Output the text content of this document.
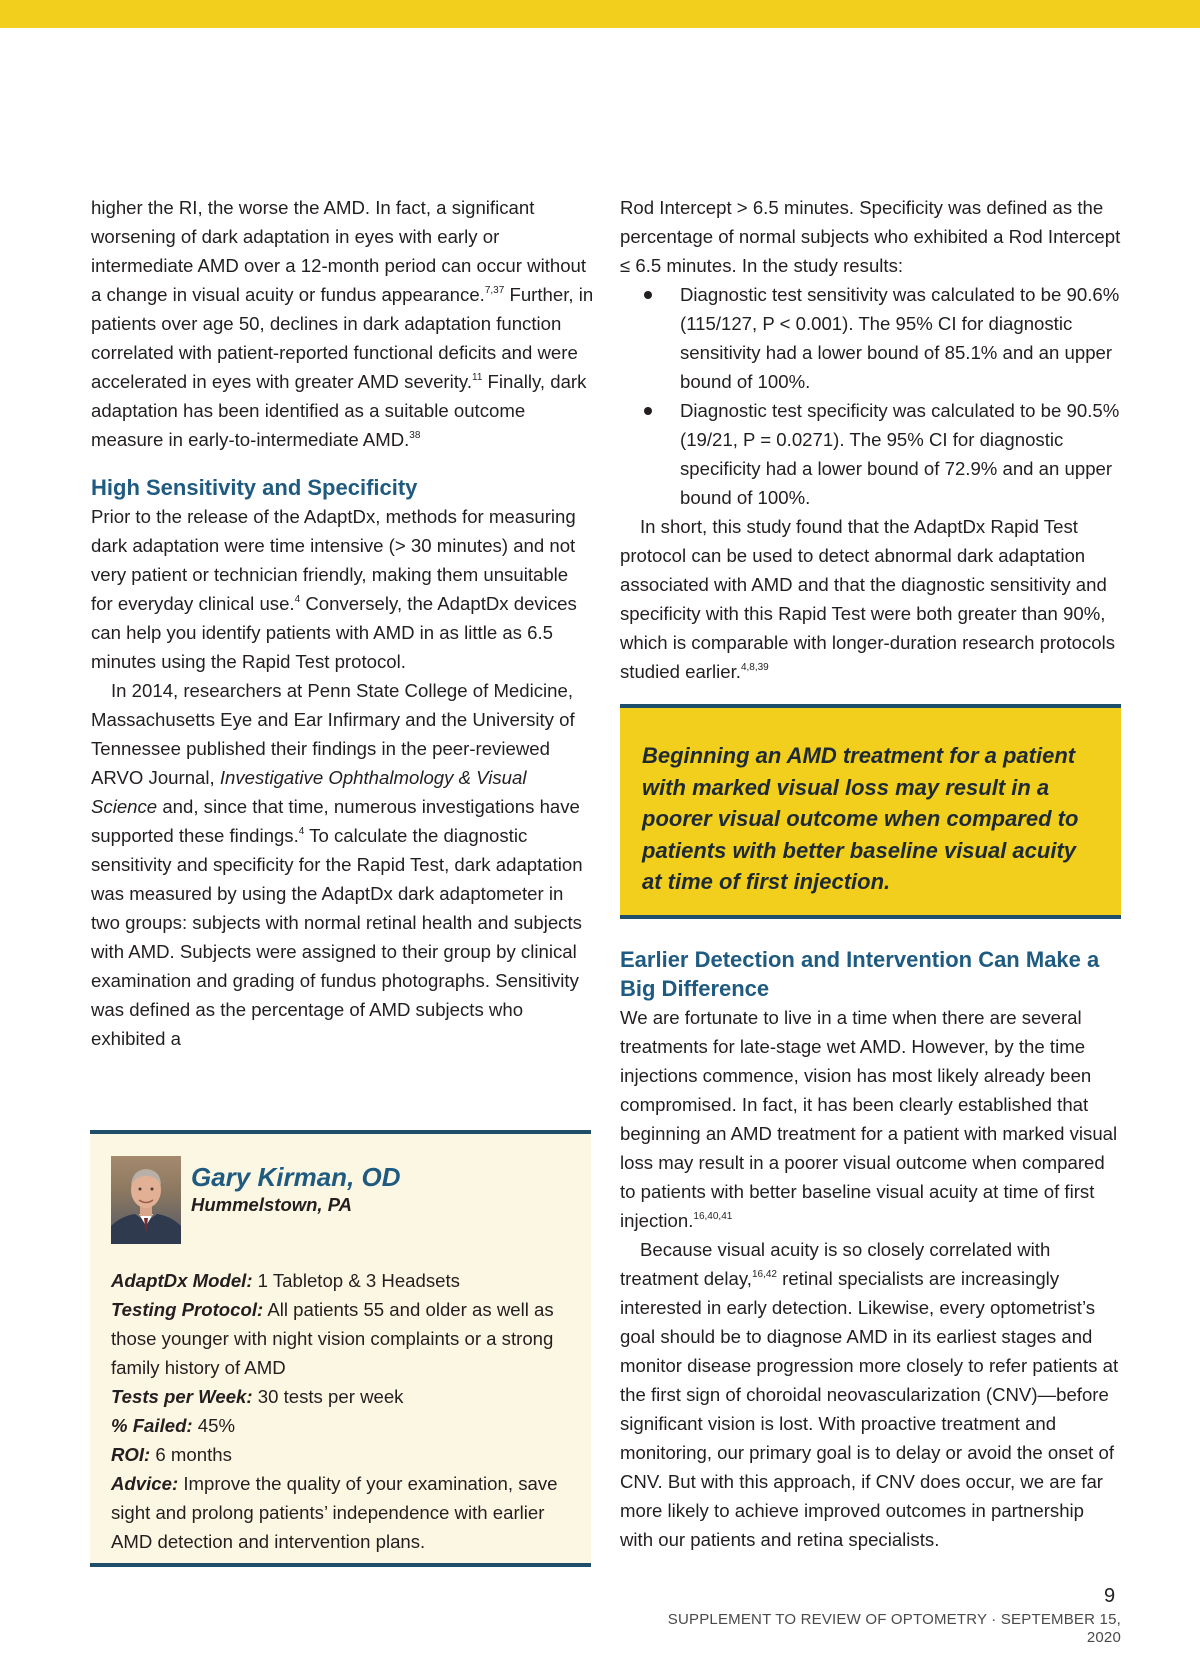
higher the RI, the worse the AMD. In fact, a significant worsening of dark adaptation in eyes with early or intermediate AMD over a 12-month period can occur without a change in visual acuity or fundus appearance.$^{7,37}$ Further, in patients over age 50, declines in dark adaptation function correlated with patient-reported functional deficits and were accelerated in eyes with greater AMD severity.$^{11}$ Finally, dark adaptation has been identified as a suitable outcome measure in early-to-intermediate AMD.$^{38}$

High Sensitivity and Specificity

Prior to the release of the AdaptDx, methods for measuring dark adaptation were time intensive (> 30 minutes) and not very patient or technician friendly, making them unsuitable for everyday clinical use.$^4$ Conversely, the AdaptDx devices can help you identify patients with AMD in as little as 6.5 minutes using the Rapid Test protocol.

In 2014, researchers at Penn State College of Medicine, Massachusetts Eye and Ear Infirmary and the University of Tennessee published their findings in the peer-reviewed ARVO Journal, Investigative Ophthalmology & Visual Science and, since that time, numerous investigations have supported these findings.$^4$ To calculate the diagnostic sensitivity and specificity for the Rapid Test, dark adaptation was measured by using the AdaptDx dark adaptometer in two groups: subjects with normal retinal health and subjects with AMD. Subjects were assigned to their group by clinical examination and grading of fundus photographs. Sensitivity was defined as the percentage of AMD subjects who exhibited a

Rod Intercept > 6.5 minutes. Specificity was defined as the percentage of normal subjects who exhibited a Rod Intercept ≤ 6.5 minutes. In the study results:

Diagnostic test sensitivity was calculated to be 90.6% (115/127, P < 0.001). The 95% CI for diagnostic sensitivity had a lower bound of 85.1% and an upper bound of 100%.
Diagnostic test specificity was calculated to be 90.5% (19/21, P = 0.0271). The 95% CI for diagnostic specificity had a lower bound of 72.9% and an upper bound of 100%.

In short, this study found that the AdaptDx Rapid Test protocol can be used to detect abnormal dark adaptation associated with AMD and that the diagnostic sensitivity and specificity with this Rapid Test were both greater than 90%, which is comparable with longer-duration research protocols studied earlier.$^{4,8,39}$

Beginning an AMD treatment for a patient with marked visual loss may result in a poorer visual outcome when compared to patients with better baseline visual acuity at time of first injection.

Earlier Detection and Intervention Can Make a Big Difference

We are fortunate to live in a time when there are several treatments for late-stage wet AMD. However, by the time injections commence, vision has most likely already been compromised. In fact, it has been clearly established that beginning an AMD treatment for a patient with marked visual loss may result in a poorer visual outcome when compared to patients with better baseline visual acuity at time of first injection.$^{16,40,41}$

Because visual acuity is so closely correlated with treatment delay,$^{16,42}$ retinal specialists are increasingly interested in early detection. Likewise, every optometrist’s goal should be to diagnose AMD in its earliest stages and monitor disease progression more closely to refer patients at the first sign of choroidal neovascularization (CNV)—before significant vision is lost. With proactive treatment and monitoring, our primary goal is to delay or avoid the onset of CNV. But with this approach, if CNV does occur, we are far more likely to achieve improved outcomes in partnership with our patients and retina specialists.

Gary Kirman, OD
Hummelstown, PA

AdaptDx Model: 1 Tabletop & 3 Headsets

Testing Protocol: All patients 55 and older as well as those younger with night vision complaints or a strong family history of AMD

Tests per Week: 30 tests per week

% Failed: 45%

ROI: 6 months

Advice: Improve the quality of your examination, save sight and prolong patients’ independence with earlier AMD detection and intervention plans.

9
SUPPLEMENT TO REVIEW OF OPTOMETRY · SEPTEMBER 15, 2020
